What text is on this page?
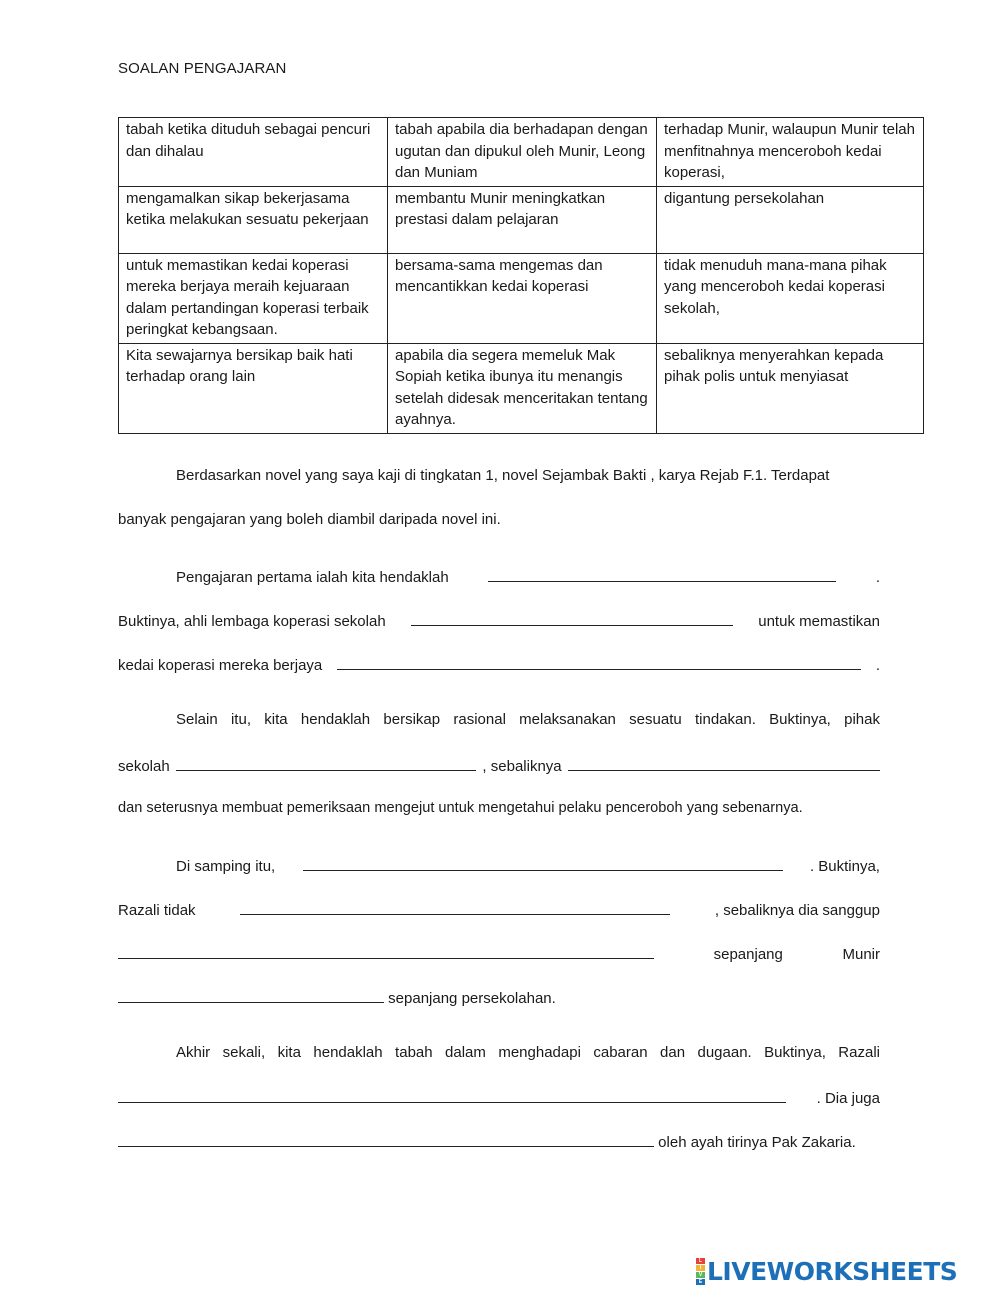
SOALAN PENGAJARAN
tabah ketika dituduh sebagai pencuri dan dihalau	tabah apabila dia berhadapan dengan ugutan dan dipukul oleh Munir, Leong dan Muniam	terhadap Munir, walaupun Munir telah menfitnahnya menceroboh kedai koperasi,
mengamalkan sikap bekerjasama ketika melakukan sesuatu pekerjaan	membantu Munir meningkatkan prestasi dalam pelajaran	digantung persekolahan
untuk memastikan kedai koperasi mereka berjaya meraih kejuaraan dalam pertandingan koperasi terbaik peringkat kebangsaan.	bersama-sama mengemas dan mencantikkan kedai koperasi	tidak menuduh mana-mana pihak yang menceroboh kedai koperasi sekolah,
Kita sewajarnya bersikap baik hati terhadap orang lain	apabila dia segera memeluk Mak Sopiah ketika ibunya itu menangis setelah didesak menceritakan tentang ayahnya.	sebaliknya menyerahkan kepada pihak polis untuk menyiasat
Berdasarkan novel yang saya kaji di tingkatan 1, novel Sejambak Bakti , karya Rejab F.1. Terdapat
banyak pengajaran yang boleh diambil daripada novel ini.
Pengajaran pertama ialah kita hendaklah	.
Buktinya, ahli lembaga koperasi sekolah	untuk memastikan
kedai koperasi mereka berjaya	.
Selain itu, kita hendaklah bersikap rasional melaksanakan sesuatu tindakan. Buktinya, pihak
sekolah	, sebaliknya
dan seterusnya membuat pemeriksaan mengejut untuk mengetahui pelaku penceroboh yang sebenarnya.
Di samping itu,	. Buktinya,
Razali tidak	, sebaliknya dia sanggup
sepanjang	Munir
sepanjang persekolahan.
Akhir sekali, kita hendaklah tabah dalam menghadapi cabaran dan dugaan. Buktinya, Razali
. Dia juga
oleh ayah tirinya Pak Zakaria.
L
I
V
E LIVEWORKSHEETS
